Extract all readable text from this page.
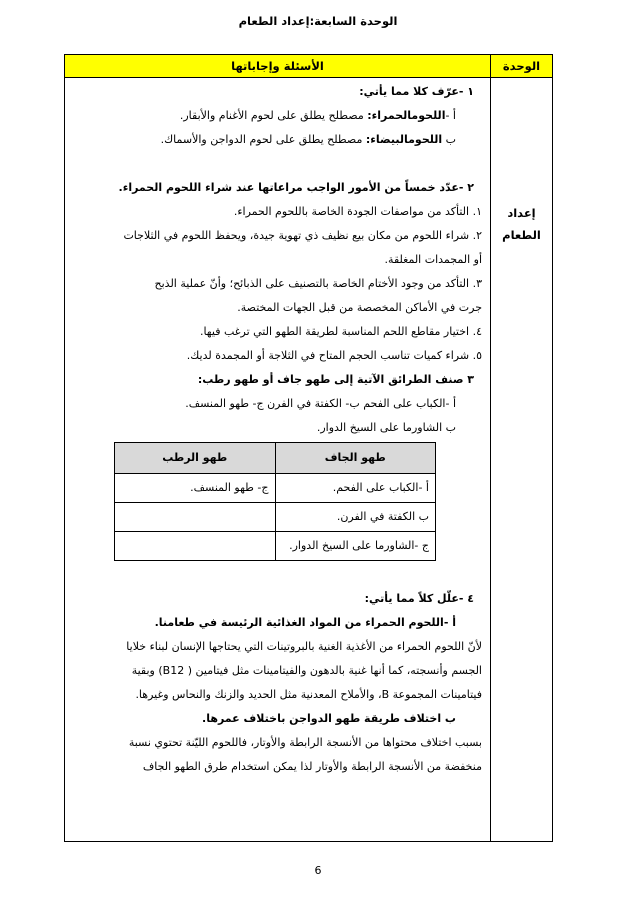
الوحدة السابعة:إعداد الطعام
الوحدة	الأسئلة وإجاباتها

إعداد
الطعام

١ -عرّف كلا مما يأتي:
أ -اللحومالحمراء: مصطلح يطلق على لحوم الأغنام والأبقار.
ب اللحومالبيضاء: مصطلح يطلق على لحوم الدواجن والأسماك.
٢ -عدّد خمساً من الأمور الواجب مراعاتها عند شراء اللحوم الحمراء.
١. التأكد من مواصفات الجودة الخاصة باللحوم الحمراء.
٢. شراء اللحوم من مكان بيع نظيف ذي تهوية جيدة، ويحفظ اللحوم في الثلاجات
أو المجمدات المغلقة.
٣. التأكد من وجود الأختام الخاصة بالتصنيف على الذبائح؛ وأنّ عملية الذبح
جرت في الأماكن المخصصة من قبل الجهات المختصة.
٤. اختيار مقاطع اللحم المناسبة لطريقة الطهو التي ترغب فيها.
٥. شراء كميات تناسب الحجم المتاح في الثلاجة أو المجمدة لديك.
٣ صنف الطرائق الآتية إلى طهو جاف أو طهو رطب:
أ -الكباب على الفحم ب- الكفتة في الفرن ج- طهو المنسف.
ب الشاورما على السيخ الدوار.
طهو الجاف	طهو الرطب
أ -الكباب على الفحم.	ج- طهو المنسف.
ب الكفتة في الفرن.	
ج -الشاورما على السيخ الدوار.	
٤ -علّل كلاً مما يأتي:
أ -اللحوم الحمراء من المواد الغذائية الرئيسة في طعامنا.
لأنّ اللحوم الحمراء من الأغذية الغنية بالبروتينات التي يحتاجها الإنسان لبناء خلايا
الجسم وأنسجته، كما أنها غنية بالدهون والفيتامينات مثل فيتامين ( B12) وبقية
فيتامينات المجموعة B، والأملاح المعدنية مثل الحديد والزنك والنحاس وغيرها.
ب اختلاف طريقة طهو الدواجن باختلاف عمرها.
بسبب اختلاف محتواها من الأنسجة الرابطة والأوتار، فاللحوم الليّنة تحتوي نسبة
منخفضة من الأنسجة الرابطة والأوتار لذا يمكن استخدام طرق الطهو الجاف
6
